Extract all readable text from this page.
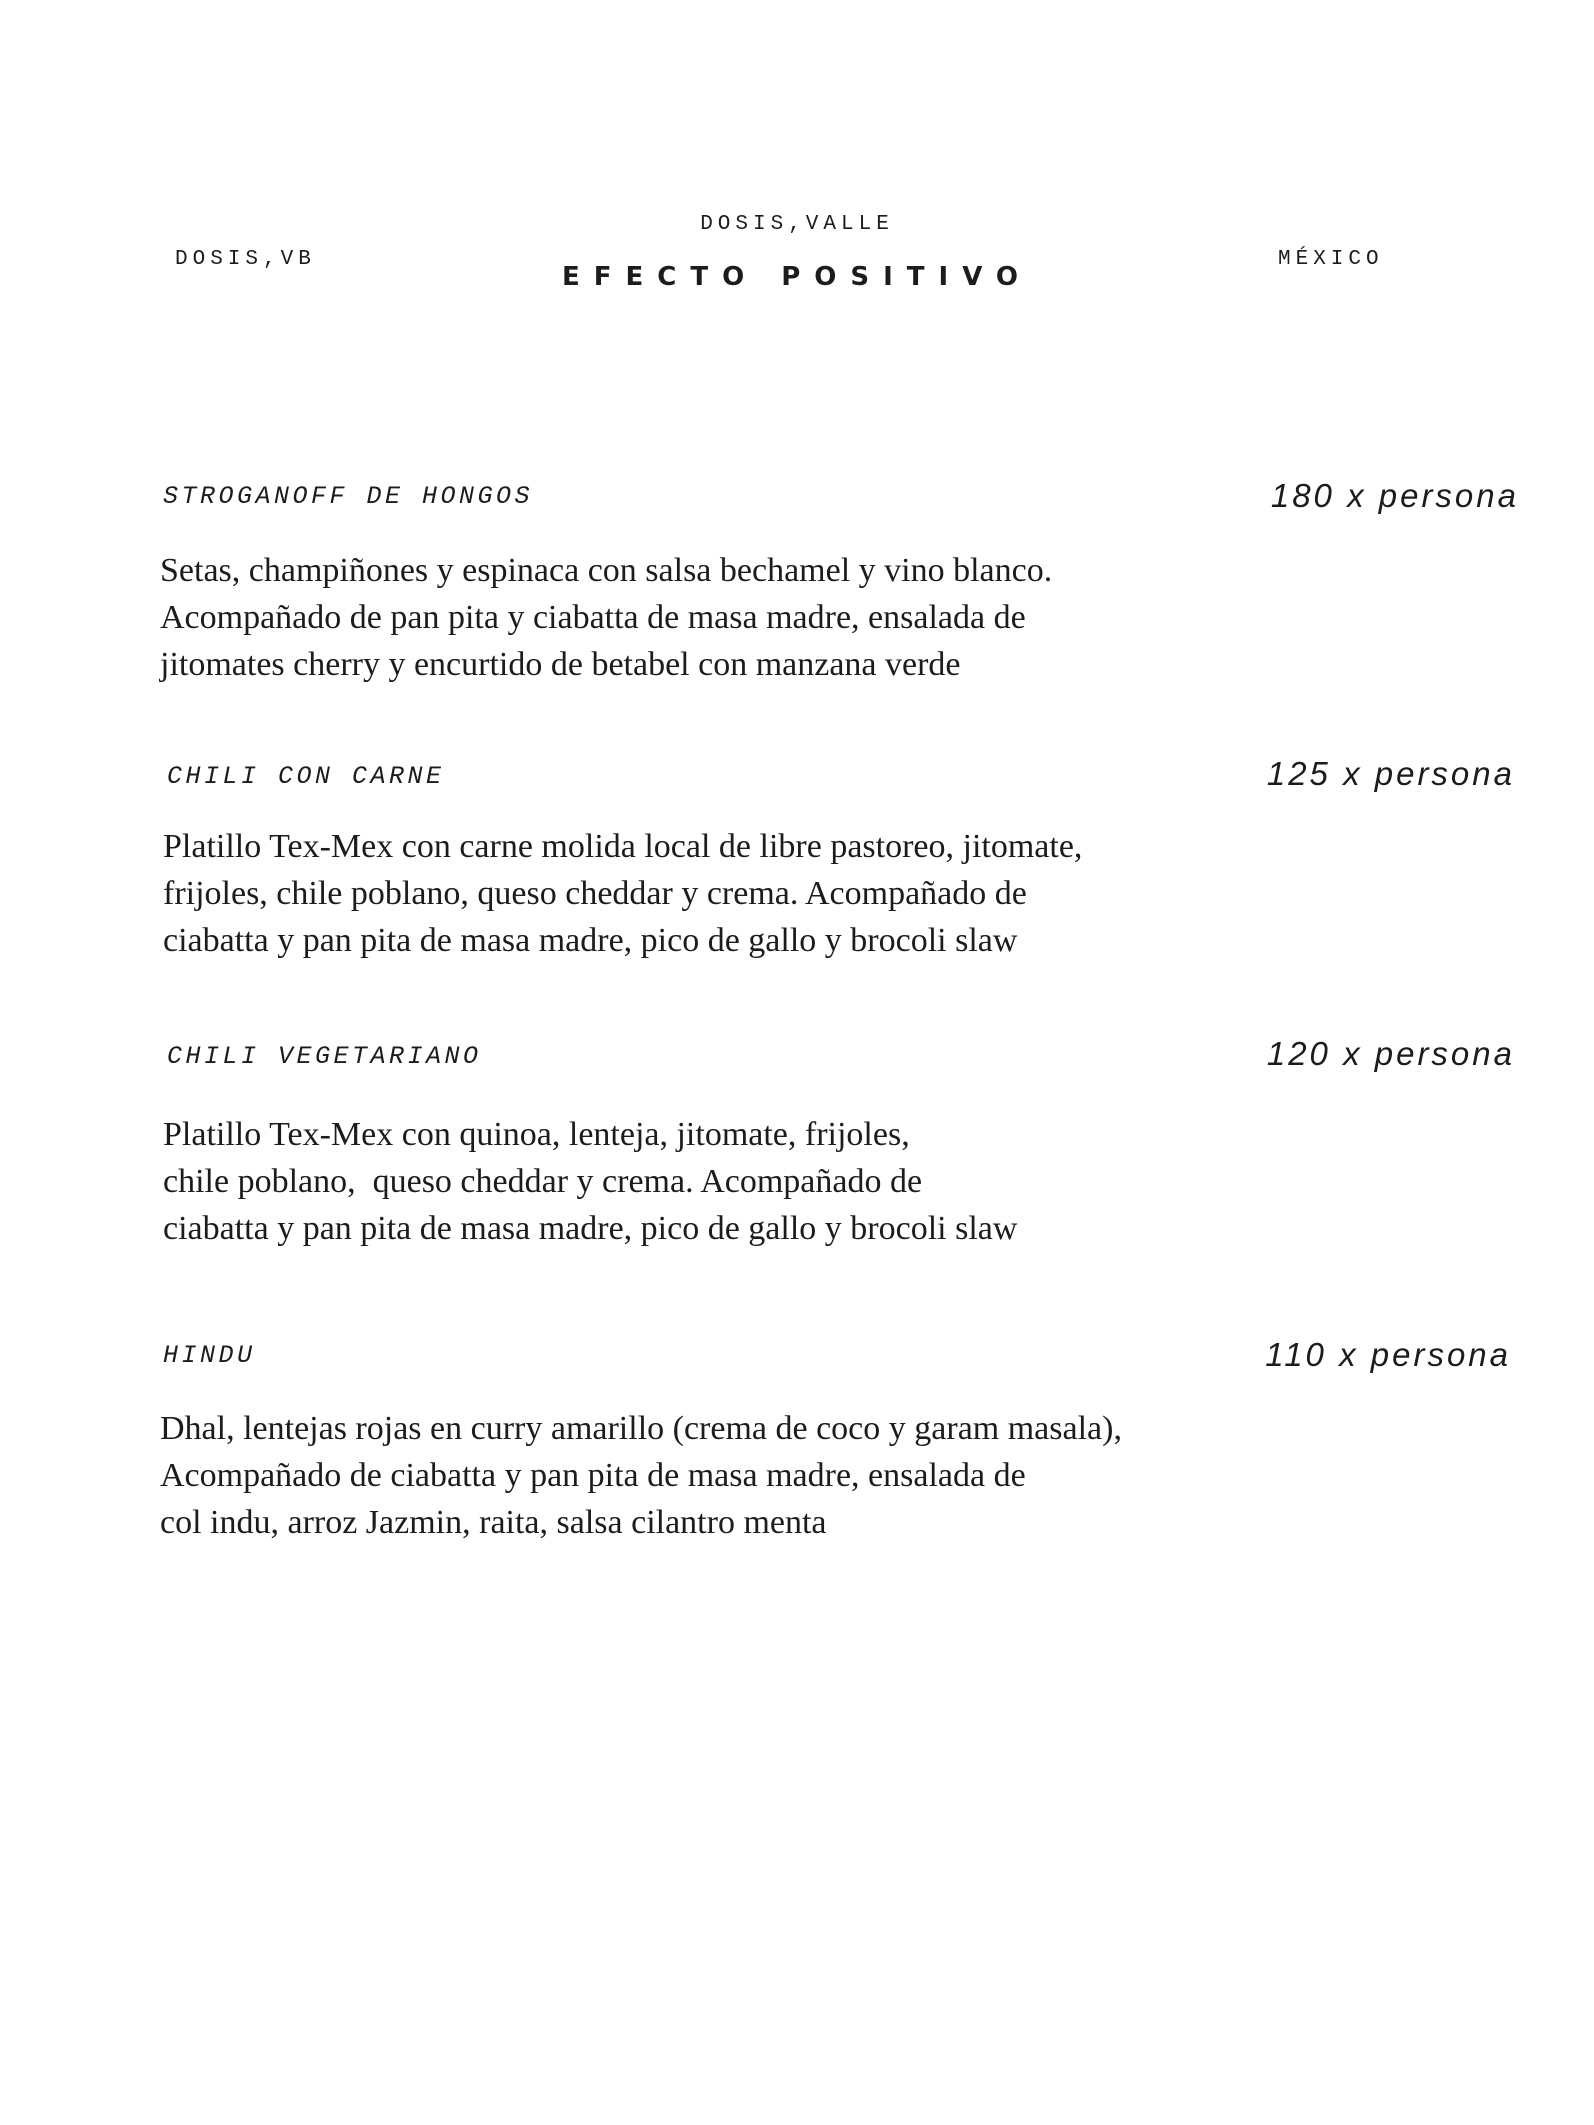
DOSIS,VB
DOSIS,VALLE
EFECTO POSITIVO
MÉXICO
STROGANOFF DE HONGOS	180 x persona
Setas, champiñones y espinaca con salsa bechamel y vino blanco.
Acompañado de pan pita y ciabatta de masa madre, ensalada de
jitomates cherry y encurtido de betabel con manzana verde
CHILI CON CARNE	125 x persona
Platillo Tex-Mex con carne molida local de libre pastoreo, jitomate,
frijoles, chile poblano, queso cheddar y crema. Acompañado de
ciabatta y pan pita de masa madre, pico de gallo y brocoli slaw
CHILI VEGETARIANO	120 x persona
Platillo Tex-Mex con quinoa, lenteja, jitomate, frijoles,
chile poblano,  queso cheddar y crema. Acompañado de
ciabatta y pan pita de masa madre, pico de gallo y brocoli slaw
HINDU	110 x persona
Dhal, lentejas rojas en curry amarillo (crema de coco y garam masala),
Acompañado de ciabatta y pan pita de masa madre, ensalada de
col indu, arroz Jazmin, raita, salsa cilantro menta
